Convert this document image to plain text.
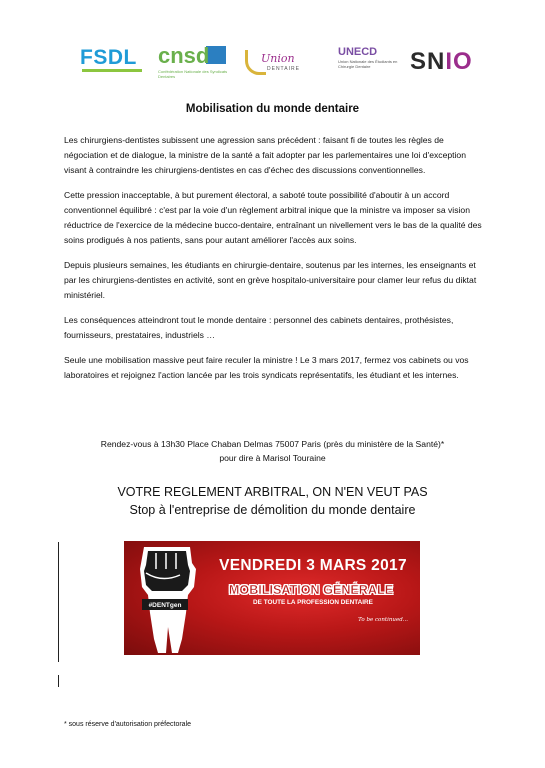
FSDL cnsd
Confédération Nationale des Syndicats Dentaires
Union
DENTAIRE
UNECD
Union Nationale des Étudiants en Chirurgie Dentaire	SNIO
Mobilisation du monde dentaire

Les chirurgiens-dentistes subissent une agression sans précédent : faisant fi de toutes les règles de négociation et de dialogue, la ministre de la santé a fait adopter par les parlementaires une loi d'exception visant à contraindre les chirurgiens-dentistes en cas d'échec des discussions conventionnelles.

Cette pression inacceptable, à but purement électoral, a saboté toute possibilité d'aboutir à un accord conventionnel équilibré : c'est par la voie d'un règlement arbitral inique que la ministre va imposer sa vision réductrice de l'exercice de la médecine bucco-dentaire, entraînant un nivellement vers le bas de la qualité des soins prodigués à nos patients, sans pour autant améliorer l'accès aux soins.

Depuis plusieurs semaines, les étudiants en chirurgie-dentaire, soutenus par les internes, les enseignants et par les chirurgiens-dentistes en activité, sont en grève hospitalo-universitaire pour clamer leur refus du diktat ministériel.

Les conséquences atteindront tout le monde dentaire : personnel des cabinets dentaires, prothésistes, fournisseurs, prestataires, industriels …

Seule une mobilisation massive peut faire reculer la ministre ! Le 3 mars 2017, fermez vos cabinets ou vos laboratoires et rejoignez l'action lancée par les trois syndicats représentatifs, les étudiant et les internes.

Rendez-vous à 13h30 Place Chaban Delmas 75007 Paris (près du ministère de la Santé)*
pour dire à Marisol Touraine
VOTRE REGLEMENT ARBITRAL, ON N'EN VEUT PAS
Stop à l'entreprise de démolition du monde dentaire
#DENTgen
VENDREDI 3 MARS 2017
MOBILISATION GÉNÉRALE
DE TOUTE LA PROFESSION DENTAIRE
To be continued...
* sous réserve d'autorisation préfectorale
